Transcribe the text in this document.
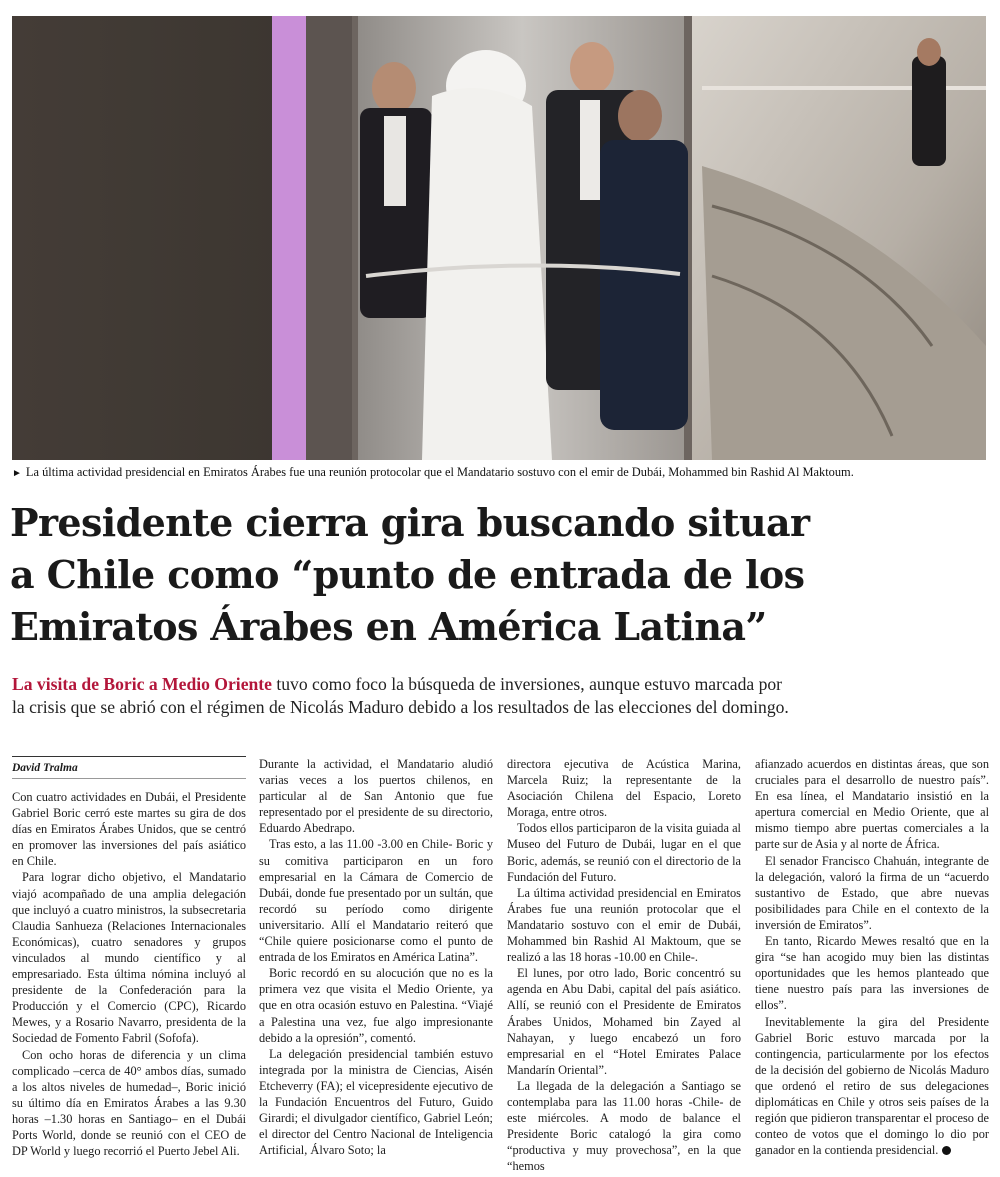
► La última actividad presidencial en Emiratos Árabes fue una reunión protocolar que el Mandatario sostuvo con el emir de Dubái, Mohammed bin Rashid Al Maktoum.
Presidente cierra gira buscando situar
a Chile como “punto de entrada de los
Emiratos Árabes en América Latina”
La visita de Boric a Medio Oriente tuvo como foco la búsqueda de inversiones, aunque estuvo marcada por
la crisis que se abrió con el régimen de Nicolás Maduro debido a los resultados de las elecciones del domingo.
David Tralma

Con cuatro actividades en Dubái, el Presidente Gabriel Boric cerró este martes su gira de dos días en Emiratos Árabes Unidos, que se centró en promover las inversiones del país asiático en Chile.

Para lograr dicho objetivo, el Mandatario viajó acompañado de una amplia delegación que incluyó a cuatro ministros, la subsecretaria Claudia Sanhueza (Relaciones Internacionales Económicas), cuatro senadores y grupos vinculados al mundo científico y al empresariado. Esta última nómina incluyó al presidente de la Confederación para la Producción y el Comercio (CPC), Ricardo Mewes, y a Rosario Navarro, presidenta de la Sociedad de Fomento Fabril (Sofofa).

Con ocho horas de diferencia y un clima complicado –cerca de 40° ambos días, sumado a los altos niveles de humedad–, Boric inició su último día en Emiratos Árabes a las 9.30 horas –1.30 horas en Santiago– en el Dubái Ports World, donde se reunió con el CEO de DP World y luego recorrió el Puerto Jebel Ali.

Durante la actividad, el Mandatario aludió varias veces a los puertos chilenos, en particular al de San Antonio que fue representado por el presidente de su directorio, Eduardo Abedrapo.

Tras esto, a las 11.00 -3.00 en Chile- Boric y su comitiva participaron en un foro empresarial en la Cámara de Comercio de Dubái, donde fue presentado por un sultán, que recordó su período como dirigente universitario. Allí el Mandatario reiteró que “Chile quiere posicionarse como el punto de entrada de los Emiratos en América Latina”.

Boric recordó en su alocución que no es la primera vez que visita el Medio Oriente, ya que en otra ocasión estuvo en Palestina. “Viajé a Palestina una vez, fue algo impresionante debido a la opresión”, comentó.

La delegación presidencial también estuvo integrada por la ministra de Ciencias, Aisén Etcheverry (FA); el vicepresidente ejecutivo de la Fundación Encuentros del Futuro, Guido Girardi; el divulgador científico, Gabriel León; el director del Centro Nacional de Inteligencia Artificial, Álvaro Soto; la

directora ejecutiva de Acústica Marina, Marcela Ruiz; la representante de la Asociación Chilena del Espacio, Loreto Moraga, entre otros.

Todos ellos participaron de la visita guiada al Museo del Futuro de Dubái, lugar en el que Boric, además, se reunió con el directorio de la Fundación del Futuro.

La última actividad presidencial en Emiratos Árabes fue una reunión protocolar que el Mandatario sostuvo con el emir de Dubái, Mohammed bin Rashid Al Maktoum, que se realizó a las 18 horas -10.00 en Chile-.

El lunes, por otro lado, Boric concentró su agenda en Abu Dabi, capital del país asiático. Allí, se reunió con el Presidente de Emiratos Árabes Unidos, Mohamed bin Zayed al Nahayan, y luego encabezó un foro empresarial en el “Hotel Emirates Palace Mandarín Oriental”.

La llegada de la delegación a Santiago se contemplaba para las 11.00 horas -Chile- de este miércoles. A modo de balance el Presidente Boric catalogó la gira como “productiva y muy provechosa”, en la que “hemos

afianzado acuerdos en distintas áreas, que son cruciales para el desarrollo de nuestro país”. En esa línea, el Mandatario insistió en la apertura comercial en Medio Oriente, que al mismo tiempo abre puertas comerciales a la parte sur de Asia y al norte de África.

El senador Francisco Chahuán, integrante de la delegación, valoró la firma de un “acuerdo sustantivo de Estado, que abre nuevas posibilidades para Chile en el contexto de la inversión de Emiratos”.

En tanto, Ricardo Mewes resaltó que en la gira “se han acogido muy bien las distintas oportunidades que les hemos planteado que tiene nuestro país para las inversiones de ellos”.

Inevitablemente la gira del Presidente Gabriel Boric estuvo marcada por la contingencia, particularmente por los efectos de la decisión del gobierno de Nicolás Maduro que ordenó el retiro de sus delegaciones diplomáticas en Chile y otros seis países de la región que pidieron transparentar el proceso de conteo de votos que el domingo lo dio por ganador en la contienda presidencial.
